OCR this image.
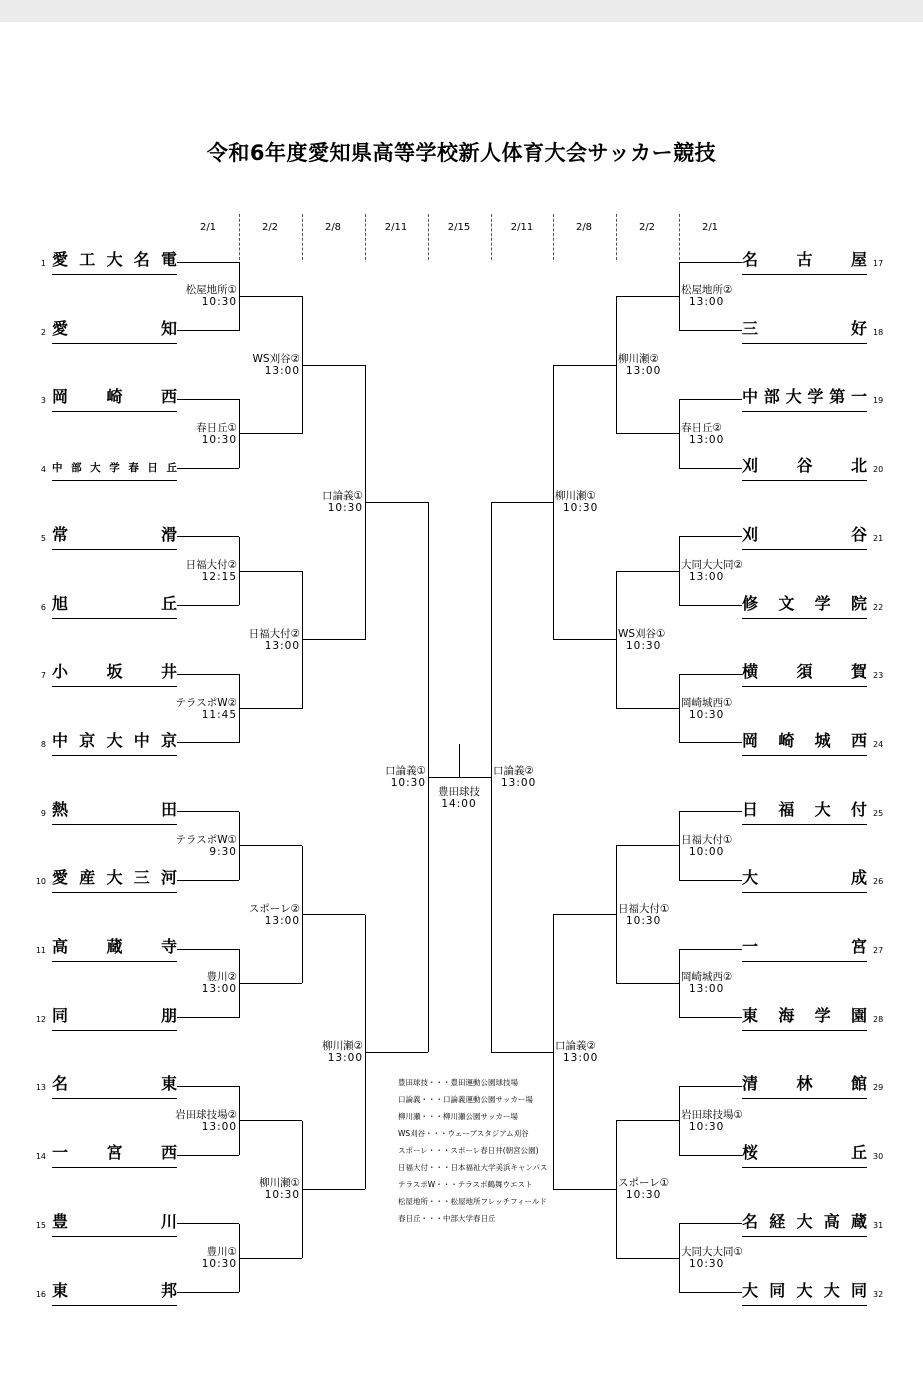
令和6年度愛知県高等学校新人体育大会サッカー競技
2/1	2/2	2/8	2/11	2/15	2/11	2/8	2/2	2/1
1 愛 工 大 名 電
2 愛	知
3 岡 崎 西
4 中 部 大 学 春 日 丘
5 常	滑
6 旭	丘
7 小 坂 井
8 中 京 大 中 京
9 熱	田
10 愛 産 大 三 河
11 高 蔵 寺
12 同	朋
13 名	東
14 一 宮 西
15 豊	川
16 東	邦
17
名 古 屋
18
三	好
19
中 部 大 学 第 一
20
刈 谷 北
21
刈	谷
22
修 文 学 院
23
横 須 賀
24
岡 崎 城 西
25
日 福 大 付
26
大	成
27
一	宮
28
東 海 学 園
29
清 林 館
30
桜	丘
31
名 経 大 高 蔵
32
大 同 大 大 同
松屋地所①
10:30
春日丘①
10:30
日福大付②
12:15
テラスポW②
11:45
テラスポW①
9:30
豊川②
13:00
岩田球技場②
13:00
豊川①
10:30
WS刈谷②
13:00
日福大付②
13:00
スポーレ②
13:00
柳川瀬①
10:30
口論義①
10:30
柳川瀬②
13:00
口論義①
10:30
松屋地所②
13:00
春日丘②
13:00
大同大大同②
13:00
岡崎城西①
10:30
日福大付①
10:00
岡崎城西②
13:00
岩田球技場①
10:30
大同大大同①
10:30
柳川瀬②
13:00
WS刈谷①
10:30
日福大付①
10:30
スポーレ①
10:30
柳川瀬①
10:30
口論義②
13:00
口論義②
13:00
豊田球技
14:00
豊田球技・・・豊田運動公園球技場
口論義・・・口論義運動公園サッカー場
柳川瀬・・・柳川瀬公園サッカー場
WS刈谷・・・ウェーブスタジアム刈谷
スポーレ・・・スポーレ春日井(朝宮公園)
日福大付・・・日本福祉大学美浜キャンパス
テラスポW・・・テラスポ鶴舞ウエスト
松屋地所・・・松屋地所フレッチフィールド
春日丘・・・中部大学春日丘
